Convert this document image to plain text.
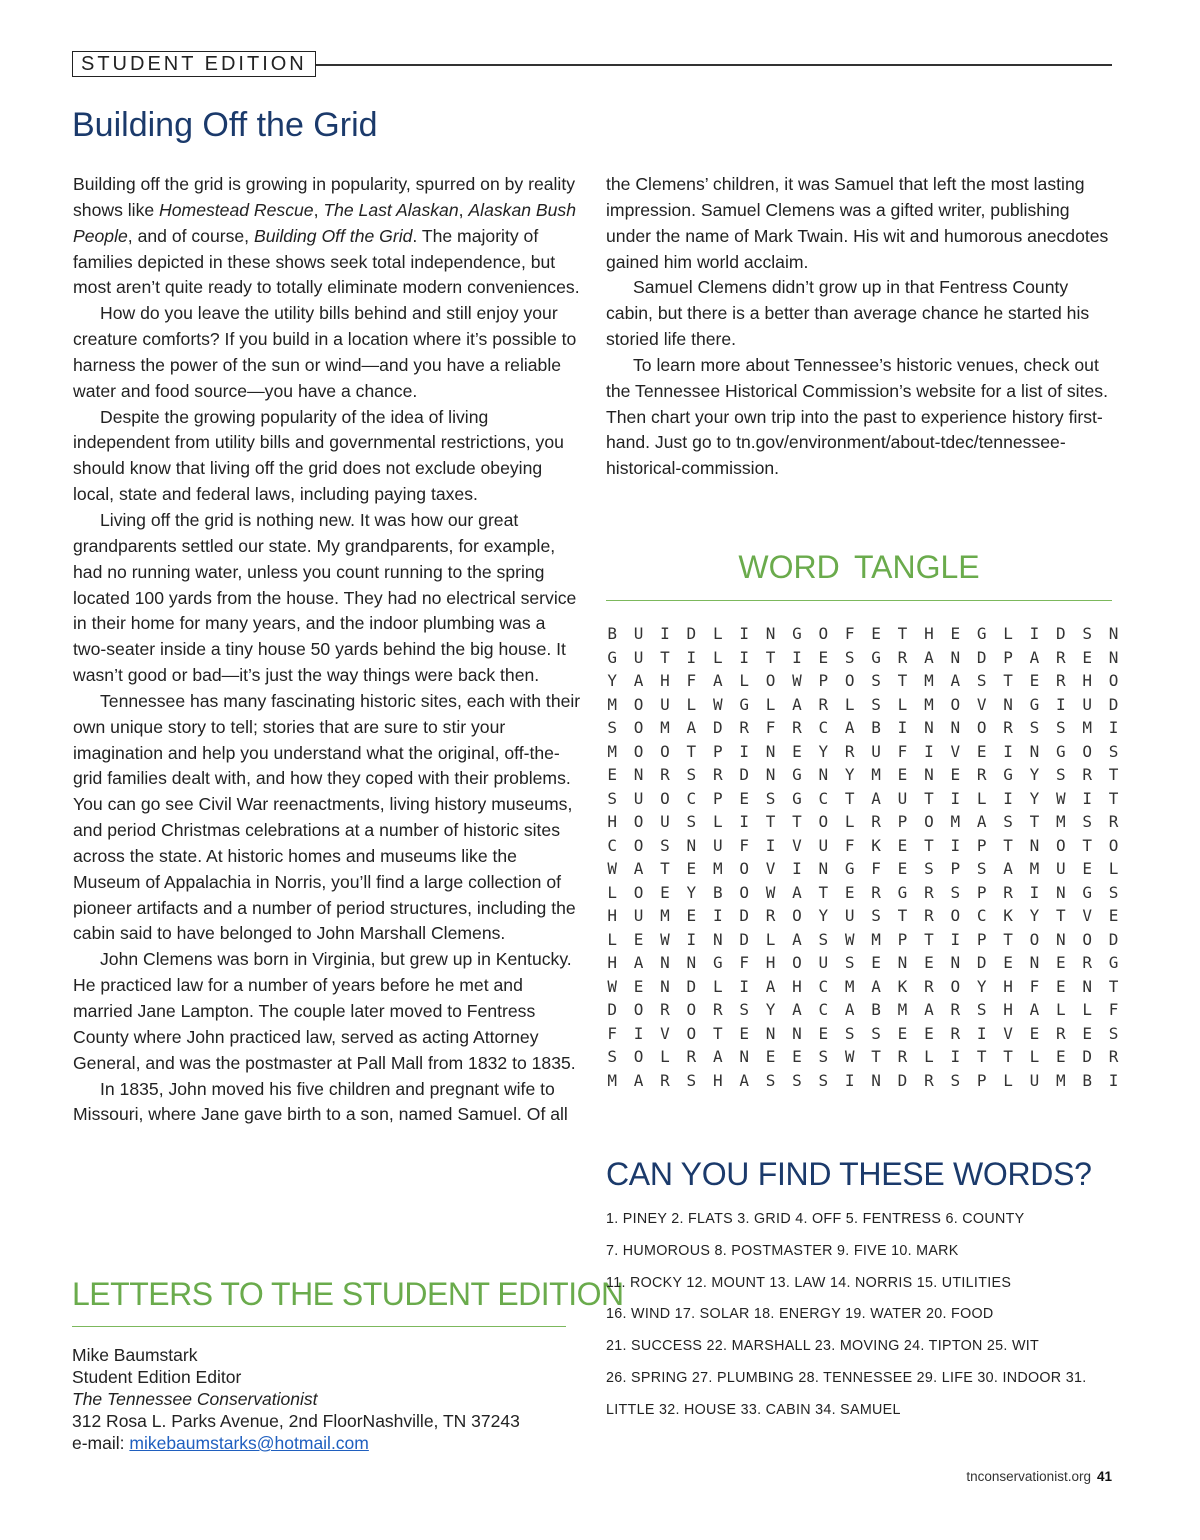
STUDENT EDITION
Building Off the Grid

Building off the grid is growing in popularity, spurred on by reality shows like Homestead Rescue, The Last Alaskan, Alaskan Bush People, and of course, Building Off the Grid. The majority of families depicted in these shows seek total independence, but most aren’t quite ready to totally eliminate modern conveniences.

How do you leave the utility bills behind and still enjoy your creature comforts? If you build in a location where it’s possible to harness the power of the sun or wind—and you have a reliable water and food source—you have a chance.

Despite the growing popularity of the idea of living independent from utility bills and governmental restrictions, you should know that living off the grid does not exclude obeying local, state and federal laws, including paying taxes.

Living off the grid is nothing new. It was how our great grandparents settled our state. My grandparents, for example, had no running water, unless you count running to the spring located 100 yards from the house. They had no electrical service in their home for many years, and the indoor plumbing was a two-seater inside a tiny house 50 yards behind the big house. It wasn’t good or bad—it’s just the way things were back then.

Tennessee has many fascinating historic sites, each with their own unique story to tell; stories that are sure to stir your imagination and help you understand what the original, off-the-grid families dealt with, and how they coped with their problems. You can go see Civil War reenactments, living history museums, and period Christmas celebrations at a number of historic sites across the state. At historic homes and museums like the Museum of Appalachia in Norris, you’ll find a large collection of pioneer artifacts and a number of period structures, including the cabin said to have belonged to John Marshall Clemens.

John Clemens was born in Virginia, but grew up in Kentucky. He practiced law for a number of years before he met and married Jane Lampton. The couple later moved to Fentress County where John practiced law, served as acting Attorney General, and was the postmaster at Pall Mall from 1832 to 1835.

In 1835, John moved his five children and pregnant wife to Missouri, where Jane gave birth to a son, named Samuel. Of all

the Clemens’ children, it was Samuel that left the most lasting impression. Samuel Clemens was a gifted writer, publishing under the name of Mark Twain. His wit and humorous anecdotes gained him world acclaim.

Samuel Clemens didn’t grow up in that Fentress County cabin, but there is a better than average chance he started his storied life there.

To learn more about Tennessee’s historic venues, check out the Tennessee Historical Commission’s website for a list of sites. Then chart your own trip into the past to experience history first-hand. Just go to tn.gov/environment/about-tdec/tennessee-historical-commission.

LETTERS TO THE STUDENT EDITION
Mike Baumstark
Student Edition Editor
The Tennessee Conservationist
312 Rosa L. Parks Avenue, 2nd FloorNashville, TN 37243
e-mail: mikebaumstarks@hotmail.com
WORD TANGLE
B	U	I	D	L	I	N	G	O	F	E	T	H	E	G	L	I	D	S	N
G	U	T	I	L	I	T	I	E	S	G	R	A	N	D	P	A	R	E	N
Y	A	H	F	A	L	O	W	P	O	S	T	M	A	S	T	E	R	H	O
M	O	U	L	W	G	L	A	R	L	S	L	M	O	V	N	G	I	U	D
S	O	M	A	D	R	F	R	C	A	B	I	N	N	O	R	S	S	M	I
M	O	O	T	P	I	N	E	Y	R	U	F	I	V	E	I	N	G	O	S
E	N	R	S	R	D	N	G	N	Y	M	E	N	E	R	G	Y	S	R	T
S	U	O	C	P	E	S	G	C	T	A	U	T	I	L	I	Y	W	I	T
H	O	U	S	L	I	T	T	O	L	R	P	O	M	A	S	T	M	S	R
C	O	S	N	U	F	I	V	U	F	K	E	T	I	P	T	N	O	T	O
W	A	T	E	M	O	V	I	N	G	F	E	S	P	S	A	M	U	E	L
L	O	E	Y	B	O	W	A	T	E	R	G	R	S	P	R	I	N	G	S
H	U	M	E	I	D	R	O	Y	U	S	T	R	O	C	K	Y	T	V	E
L	E	W	I	N	D	L	A	S	W	M	P	T	I	P	T	O	N	O	D
H	A	N	N	G	F	H	O	U	S	E	N	E	N	D	E	N	E	R	G
W	E	N	D	L	I	A	H	C	M	A	K	R	O	Y	H	F	E	N	T
D	O	R	O	R	S	Y	A	C	A	B	M	A	R	S	H	A	L	L	F
F	I	V	O	T	E	N	N	E	S	S	E	E	R	I	V	E	R	E	S
S	O	L	R	A	N	E	E	S	W	T	R	L	I	T	T	L	E	D	R
M	A	R	S	H	A	S	S	S	I	N	D	R	S	P	L	U	M	B	I
CAN YOU FIND THESE WORDS?
1. PINEY 2. FLATS 3. GRID 4. OFF 5. FENTRESS 6. COUNTY
7. HUMOROUS 8. POSTMASTER 9. FIVE 10. MARK
11. ROCKY 12. MOUNT 13. LAW 14. NORRIS 15. UTILITIES
16. WIND 17. SOLAR 18. ENERGY 19. WATER 20. FOOD
21. SUCCESS 22. MARSHALL 23. MOVING 24. TIPTON 25. WIT
26. SPRING 27. PLUMBING 28. TENNESSEE 29. LIFE 30. INDOOR 31.
LITTLE 32. HOUSE 33. CABIN 34. SAMUEL
tnconservationist.org 41
